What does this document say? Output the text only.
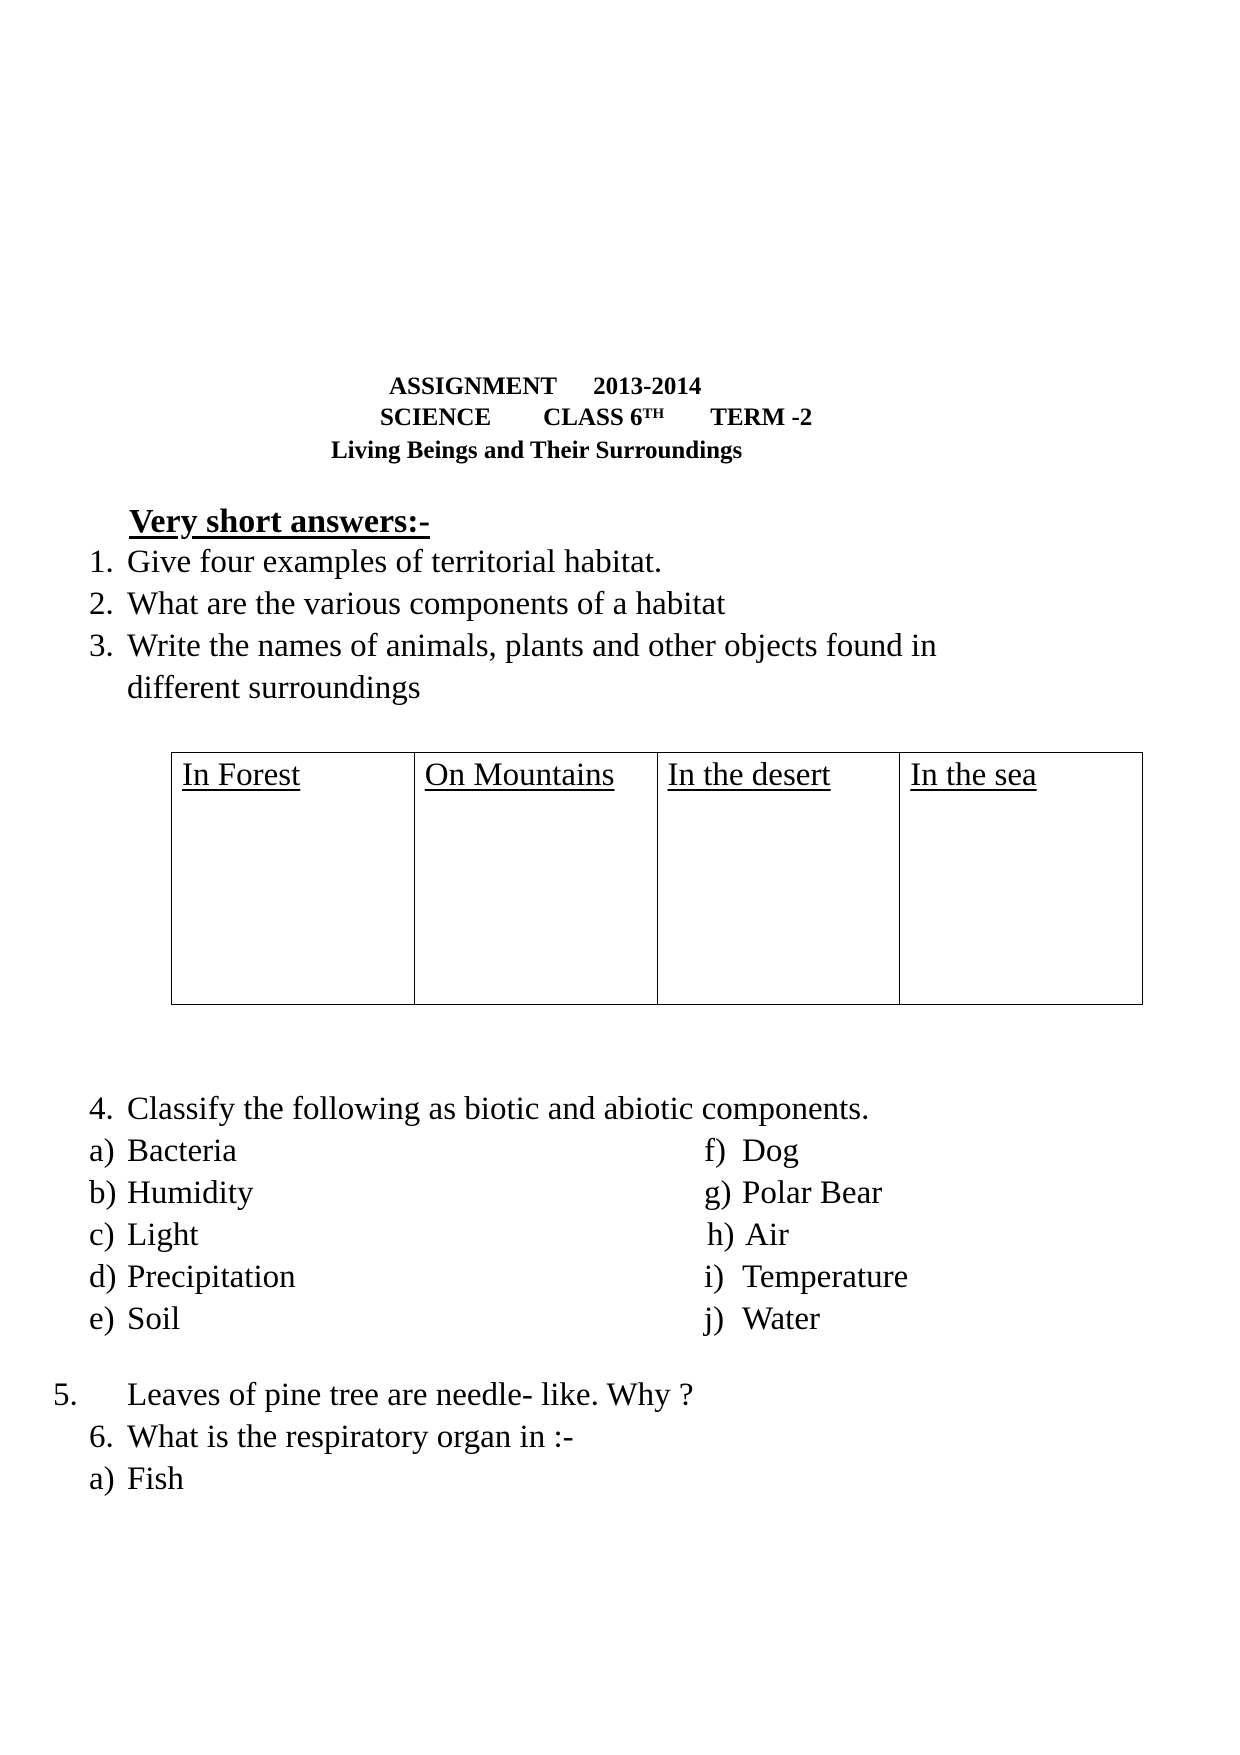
ASSIGNMENT 2013-2014
SCIENCE CLASS 6TH TERM -2
Living Beings and Their Surroundings
Very short answers:-
1. Give four examples of territorial habitat.
2. What are the various components of a habitat
3. Write the names of animals, plants and other objects found in
different surroundings
In Forest	On Mountains	In the desert	In the sea
4. Classify the following as biotic and abiotic components.
a) Bacteria
b) Humidity
c) Light
d) Precipitation
e) Soil
f) Dog
g) Polar Bear
h) Air
i) Temperature
j) Water
5. Leaves of pine tree are needle- like. Why ?
6. What is the respiratory organ in :-
a) Fish
